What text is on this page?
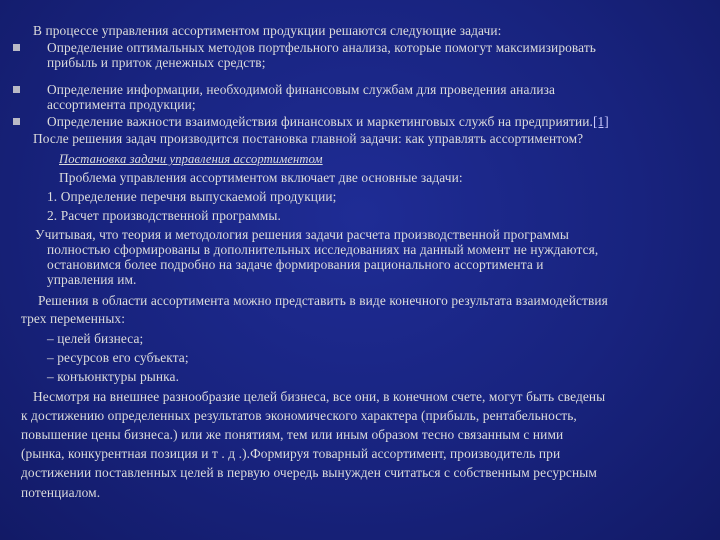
В процессе управления ассортиментом продукции решаются следующие задачи:
Определение оптимальных методов портфельного анализа, которые помогут максимизировать
прибыль и приток денежных средств;
Определение информации, необходимой финансовым службам для проведения анализа
ассортимента продукции;
Определение важности взаимодействия финансовых и маркетинговых служб на предприятии.[1]
После решения задач производится постановка главной задачи: как управлять ассортиментом?
Постановка задачи управления ассортиментом
Проблема управления ассортиментом включает две основные задачи:
1. Определение перечня выпускаемой продукции;
2. Расчет производственной программы.
Учитывая, что теория и методология решения задачи расчета производственной программы
полностью сформированы в дополнительных исследованиях на данный момент не нуждаются,
остановимся более подробно на задаче формирования рационального ассортимента и
управления им.
Решения в области ассортимента можно представить в виде конечного результата взаимодействия
трех переменных:
– целей бизнеса;
– ресурсов его субъекта;
– конъюнктуры рынка.
Несмотря на внешнее разнообразие целей бизнеса, все они, в конечном счете, могут быть сведены
к достижению определенных результатов экономического характера (прибыль, рентабельность,
повышение цены бизнеса.) или же понятиям, тем или иным образом тесно связанным с ними
(рынка, конкурентная позиция и т . д .).Формируя товарный ассортимент, производитель при
достижении поставленных целей в первую очередь вынужден считаться с собственным ресурсным
потенциалом.
